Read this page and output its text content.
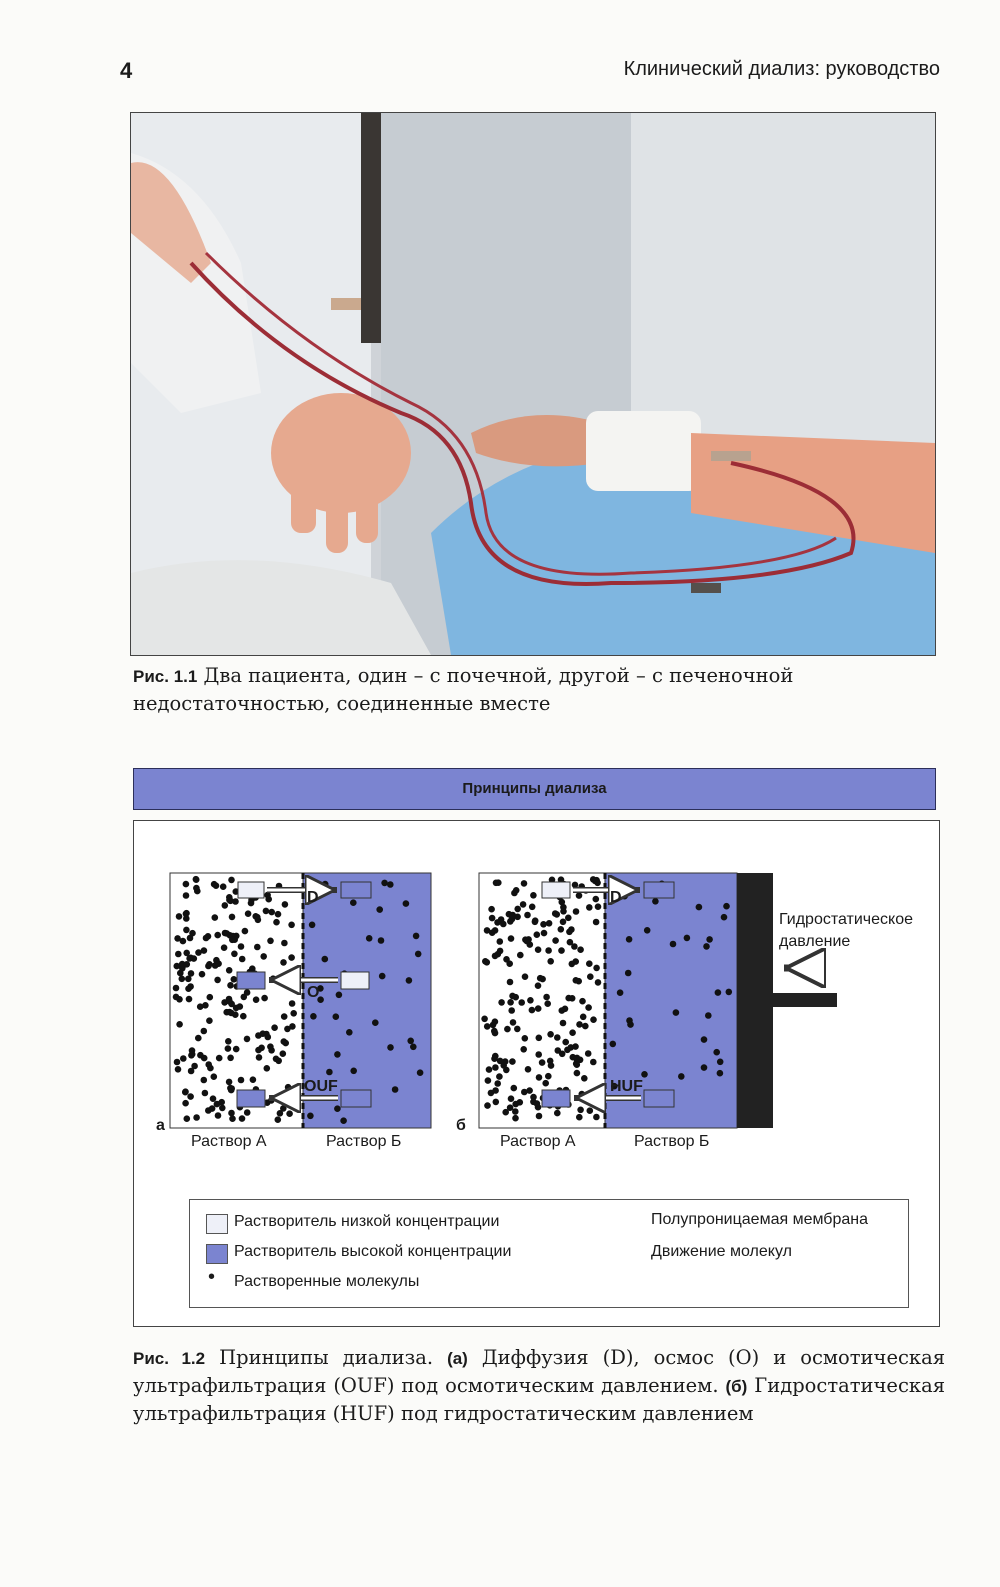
4	Клинический диализ: руководство
Рис. 1.1 Два пациента, один – с почечной, другой – с печеночной недостаточностью, соединенные вместе
Принципы диализа
D
O
OUF
D
HUF
а
Раствор А	Раствор Б
б
Раствор А	Раствор Б
Гидростатическое
давление
Растворитель низкой концентрации
Растворитель высокой концентрации
• Растворенные молекулы
Полупроницаемая мембрана
Движение молекул
Рис. 1.2 Принципы диализа. (а) Диффузия (D), осмос (O) и осмотическая ультрафильтрация (OUF) под осмотическим давлением. (б) Гидростатическая ультрафильтрация (HUF) под гидростатическим давлением
